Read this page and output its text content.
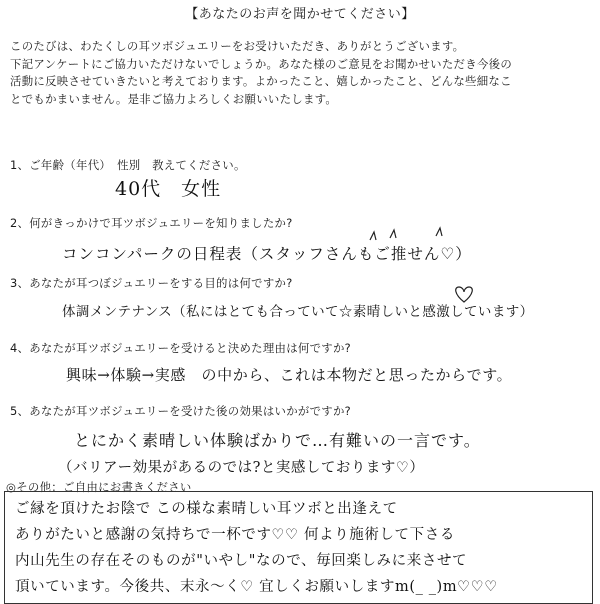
【あなたのお声を聞かせてください】
このたびは、わたくしの耳ツボジュエリーをお受けいただき、ありがとうございます。
下記アンケートにご協力いただけないでしょうか。あなた様のご意見をお聞かせいただき今後の
活動に反映させていきたいと考えております。よかったこと、嬉しかったこと、どんな些細なこ
とでもかまいません。是非ご協力よろしくお願いいたします。
1、ご年齢（年代）　性別　教えてください。
40代　女性
2、何がきっかけで耳ツボジュエリーを知りましたか?
コンコンパークの日程表（スタッフさんもご推せん♡）
3、あなたが耳つぼジュエリーをする目的は何ですか?
体調メンテナンス（私にはとても合っていて☆素晴しいと感激しています）
4、あなたが耳ツボジュエリーを受けると決めた理由は何ですか?
興味→体験→実感　の中から、これは本物だと思ったからです。
5、あなたが耳ツボジュエリーを受けた後の効果はいかがですか?
とにかく素晴しい体験ばかりで…有難いの一言です。
（バリアー効果があるのでは?と実感しております♡）
◎その他：ご自由にお書きください
ご縁を頂けたお陰で この様な素晴しい耳ツボと出逢えて
ありがたいと感謝の気持ちで一杯です♡♡ 何より施術して下さる
内山先生の存在そのものが"いやし"なので、毎回楽しみに来させて
頂いています。今後共、末永〜く♡ 宜しくお願いしますm(_ _)m♡♡♡
